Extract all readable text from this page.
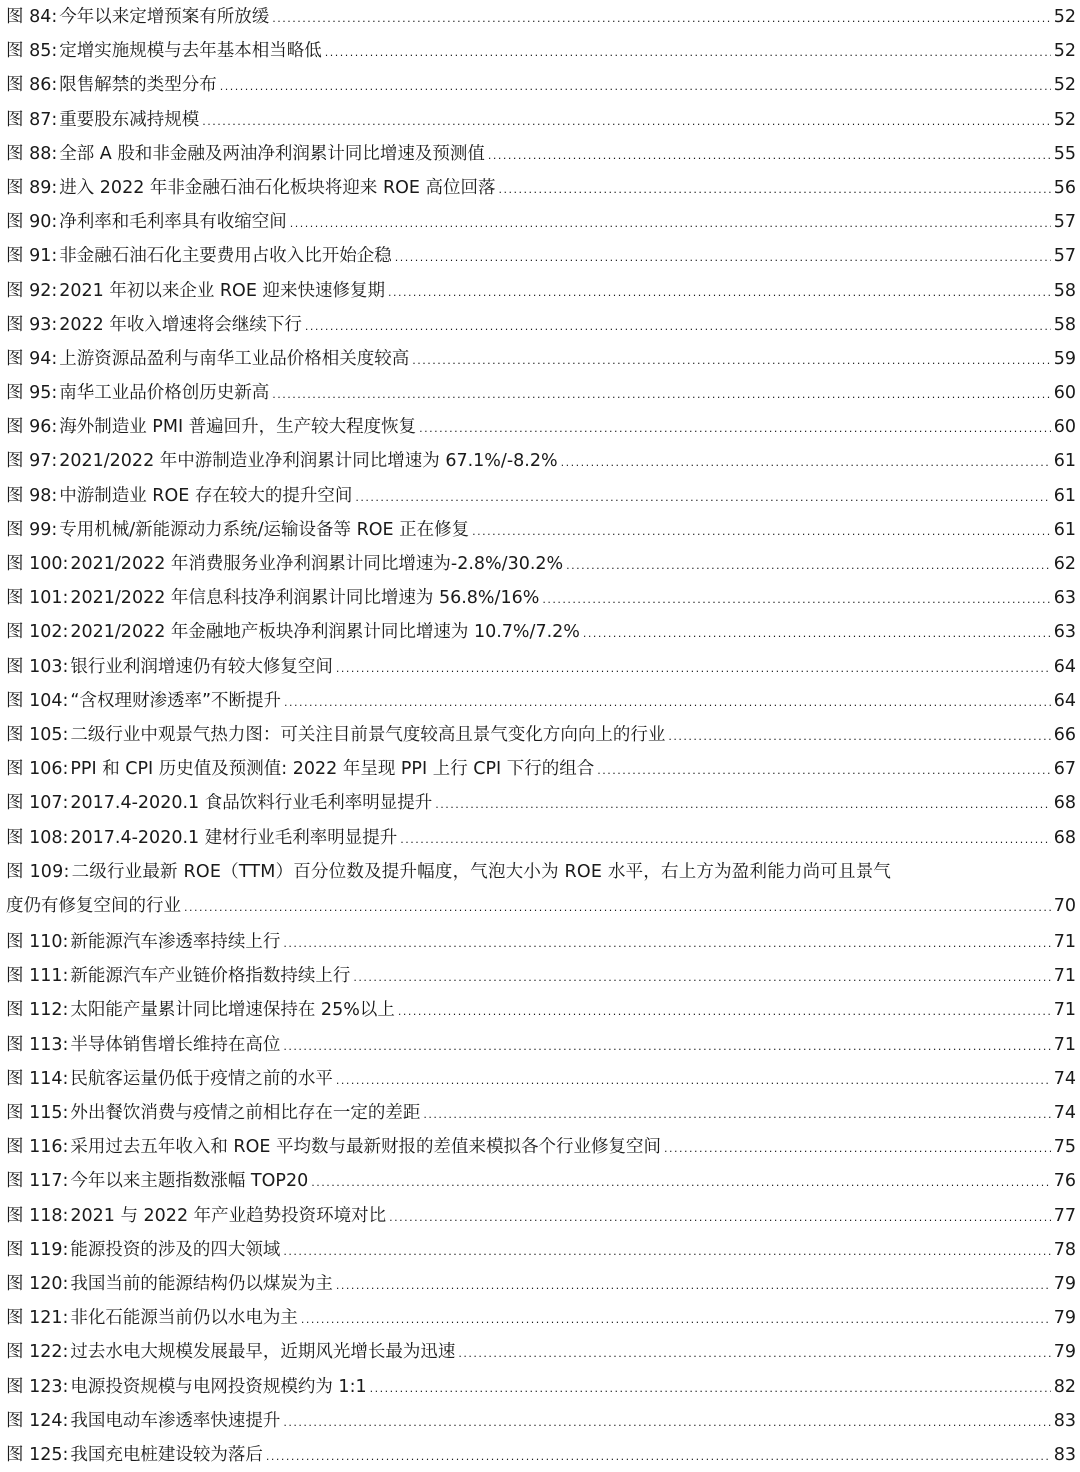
图 84: 今年以来定增预案有所放缓 .....	52
图 85: 定增实施规模与去年基本相当略低 .....	52
图 86: 限售解禁的类型分布 .....	52
图 87: 重要股东减持规模 .....	52
图 88: 全部 A 股和非金融及两油净利润累计同比增速及预测值 .....	55
图 89: 进入 2022 年非金融石油石化板块将迎来 ROE 高位回落 .....	56
图 90: 净利率和毛利率具有收缩空间 .....	57
图 91: 非金融石油石化主要费用占收入比开始企稳 .....	57
图 92: 2021 年初以来企业 ROE 迎来快速修复期 .....	58
图 93: 2022 年收入增速将会继续下行 .....	58
图 94: 上游资源品盈利与南华工业品价格相关度较高 .....	59
图 95: 南华工业品价格创历史新高 .....	60
图 96: 海外制造业 PMI 普遍回升，生产较大程度恢复 .....	60
图 97: 2021/2022 年中游制造业净利润累计同比增速为 67.1%/-8.2% .....	61
图 98: 中游制造业 ROE 存在较大的提升空间 .....	61
图 99: 专用机械/新能源动力系统/运输设备等 ROE 正在修复 .....	61
图 100: 2021/2022 年消费服务业净利润累计同比增速为-2.8%/30.2% .....	62
图 101: 2021/2022 年信息科技净利润累计同比增速为 56.8%/16% .....	63
图 102: 2021/2022 年金融地产板块净利润累计同比增速为 10.7%/7.2% .....	63
图 103: 银行业利润增速仍有较大修复空间 .....	64
图 104: “含权理财渗透率”不断提升 .....	64
图 105: 二级行业中观景气热力图：可关注目前景气度较高且景气变化方向向上的行业 .....	66
图 106: PPI 和 CPI 历史值及预测值: 2022 年呈现 PPI 上行 CPI 下行的组合 .....	67
图 107: 2017.4-2020.1 食品饮料行业毛利率明显提升 .....	68
图 108: 2017.4-2020.1 建材行业毛利率明显提升 .....	68
图 109: 二级行业最新 ROE（TTM）百分位数及提升幅度，气泡大小为 ROE 水平，右上方为盈利能力尚可且景气
度仍有修复空间的行业 .....	70
图 110: 新能源汽车渗透率持续上行 .....	71
图 111: 新能源汽车产业链价格指数持续上行 .....	71
图 112: 太阳能产量累计同比增速保持在 25%以上 .....	71
图 113: 半导体销售增长维持在高位 .....	71
图 114: 民航客运量仍低于疫情之前的水平 .....	74
图 115: 外出餐饮消费与疫情之前相比存在一定的差距 .....	74
图 116: 采用过去五年收入和 ROE 平均数与最新财报的差值来模拟各个行业修复空间 .....	75
图 117: 今年以来主题指数涨幅 TOP20 .....	76
图 118: 2021 与 2022 年产业趋势投资环境对比 .....	77
图 119: 能源投资的涉及的四大领域 .....	78
图 120: 我国当前的能源结构仍以煤炭为主 .....	79
图 121: 非化石能源当前仍以水电为主 .....	79
图 122: 过去水电大规模发展最早，近期风光增长最为迅速 .....	79
图 123: 电源投资规模与电网投资规模约为 1:1 .....	82
图 124: 我国电动车渗透率快速提升 .....	83
图 125: 我国充电桩建设较为落后 .....	83
